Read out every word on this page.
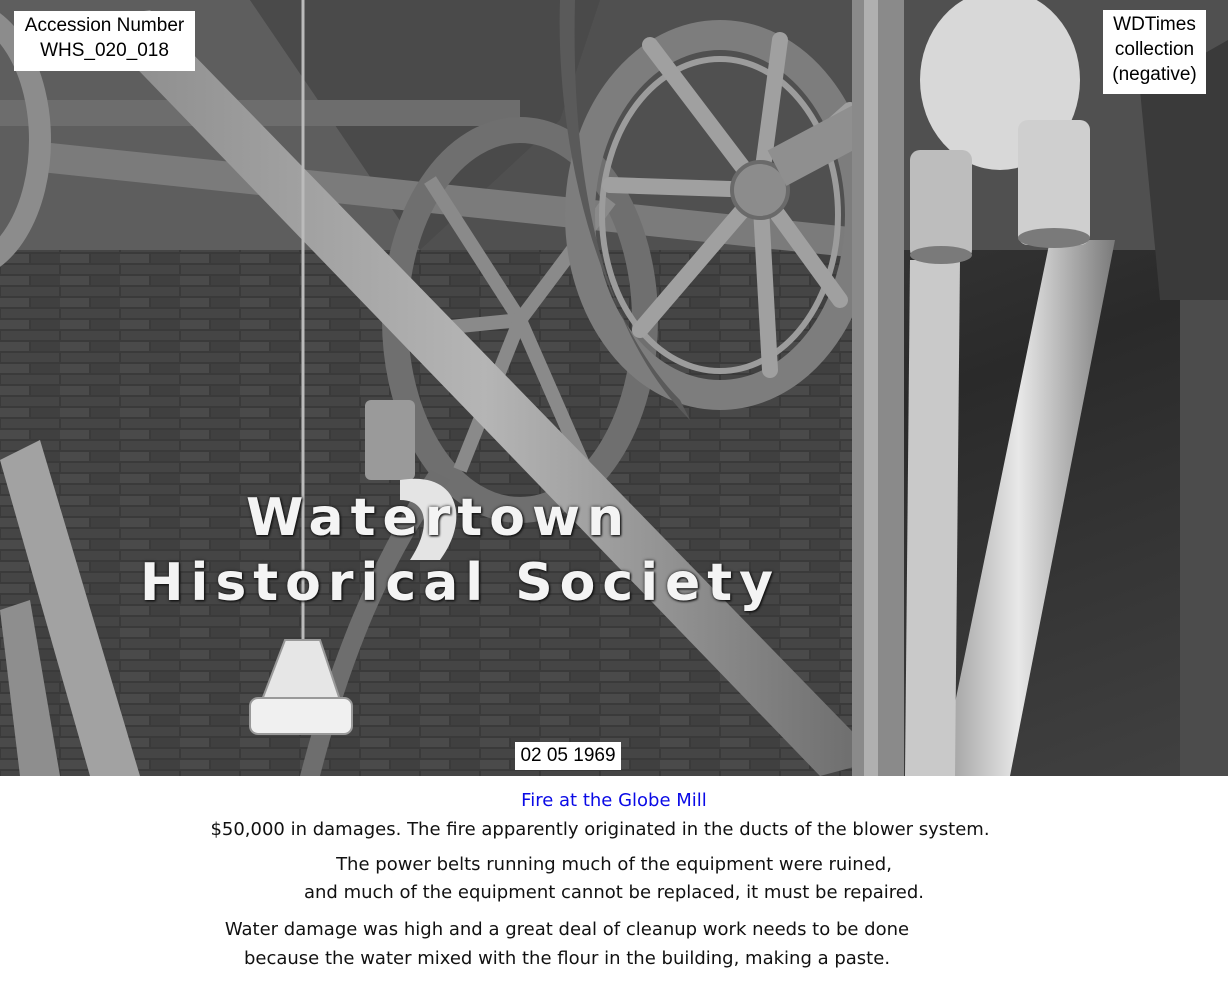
Accession Number
WHS_020_018
WDTimes
collection
(negative)
Watertown
Historical Society
02 05 1969
Fire at the Globe Mill
$50,000 in damages. The fire apparently originated in the ducts of the blower system.
The power belts running much of the equipment were ruined,
and much of the equipment cannot be replaced, it must be repaired.
Water damage was high and a great deal of cleanup work needs to be done
because the water mixed with the flour in the building, making a paste.
